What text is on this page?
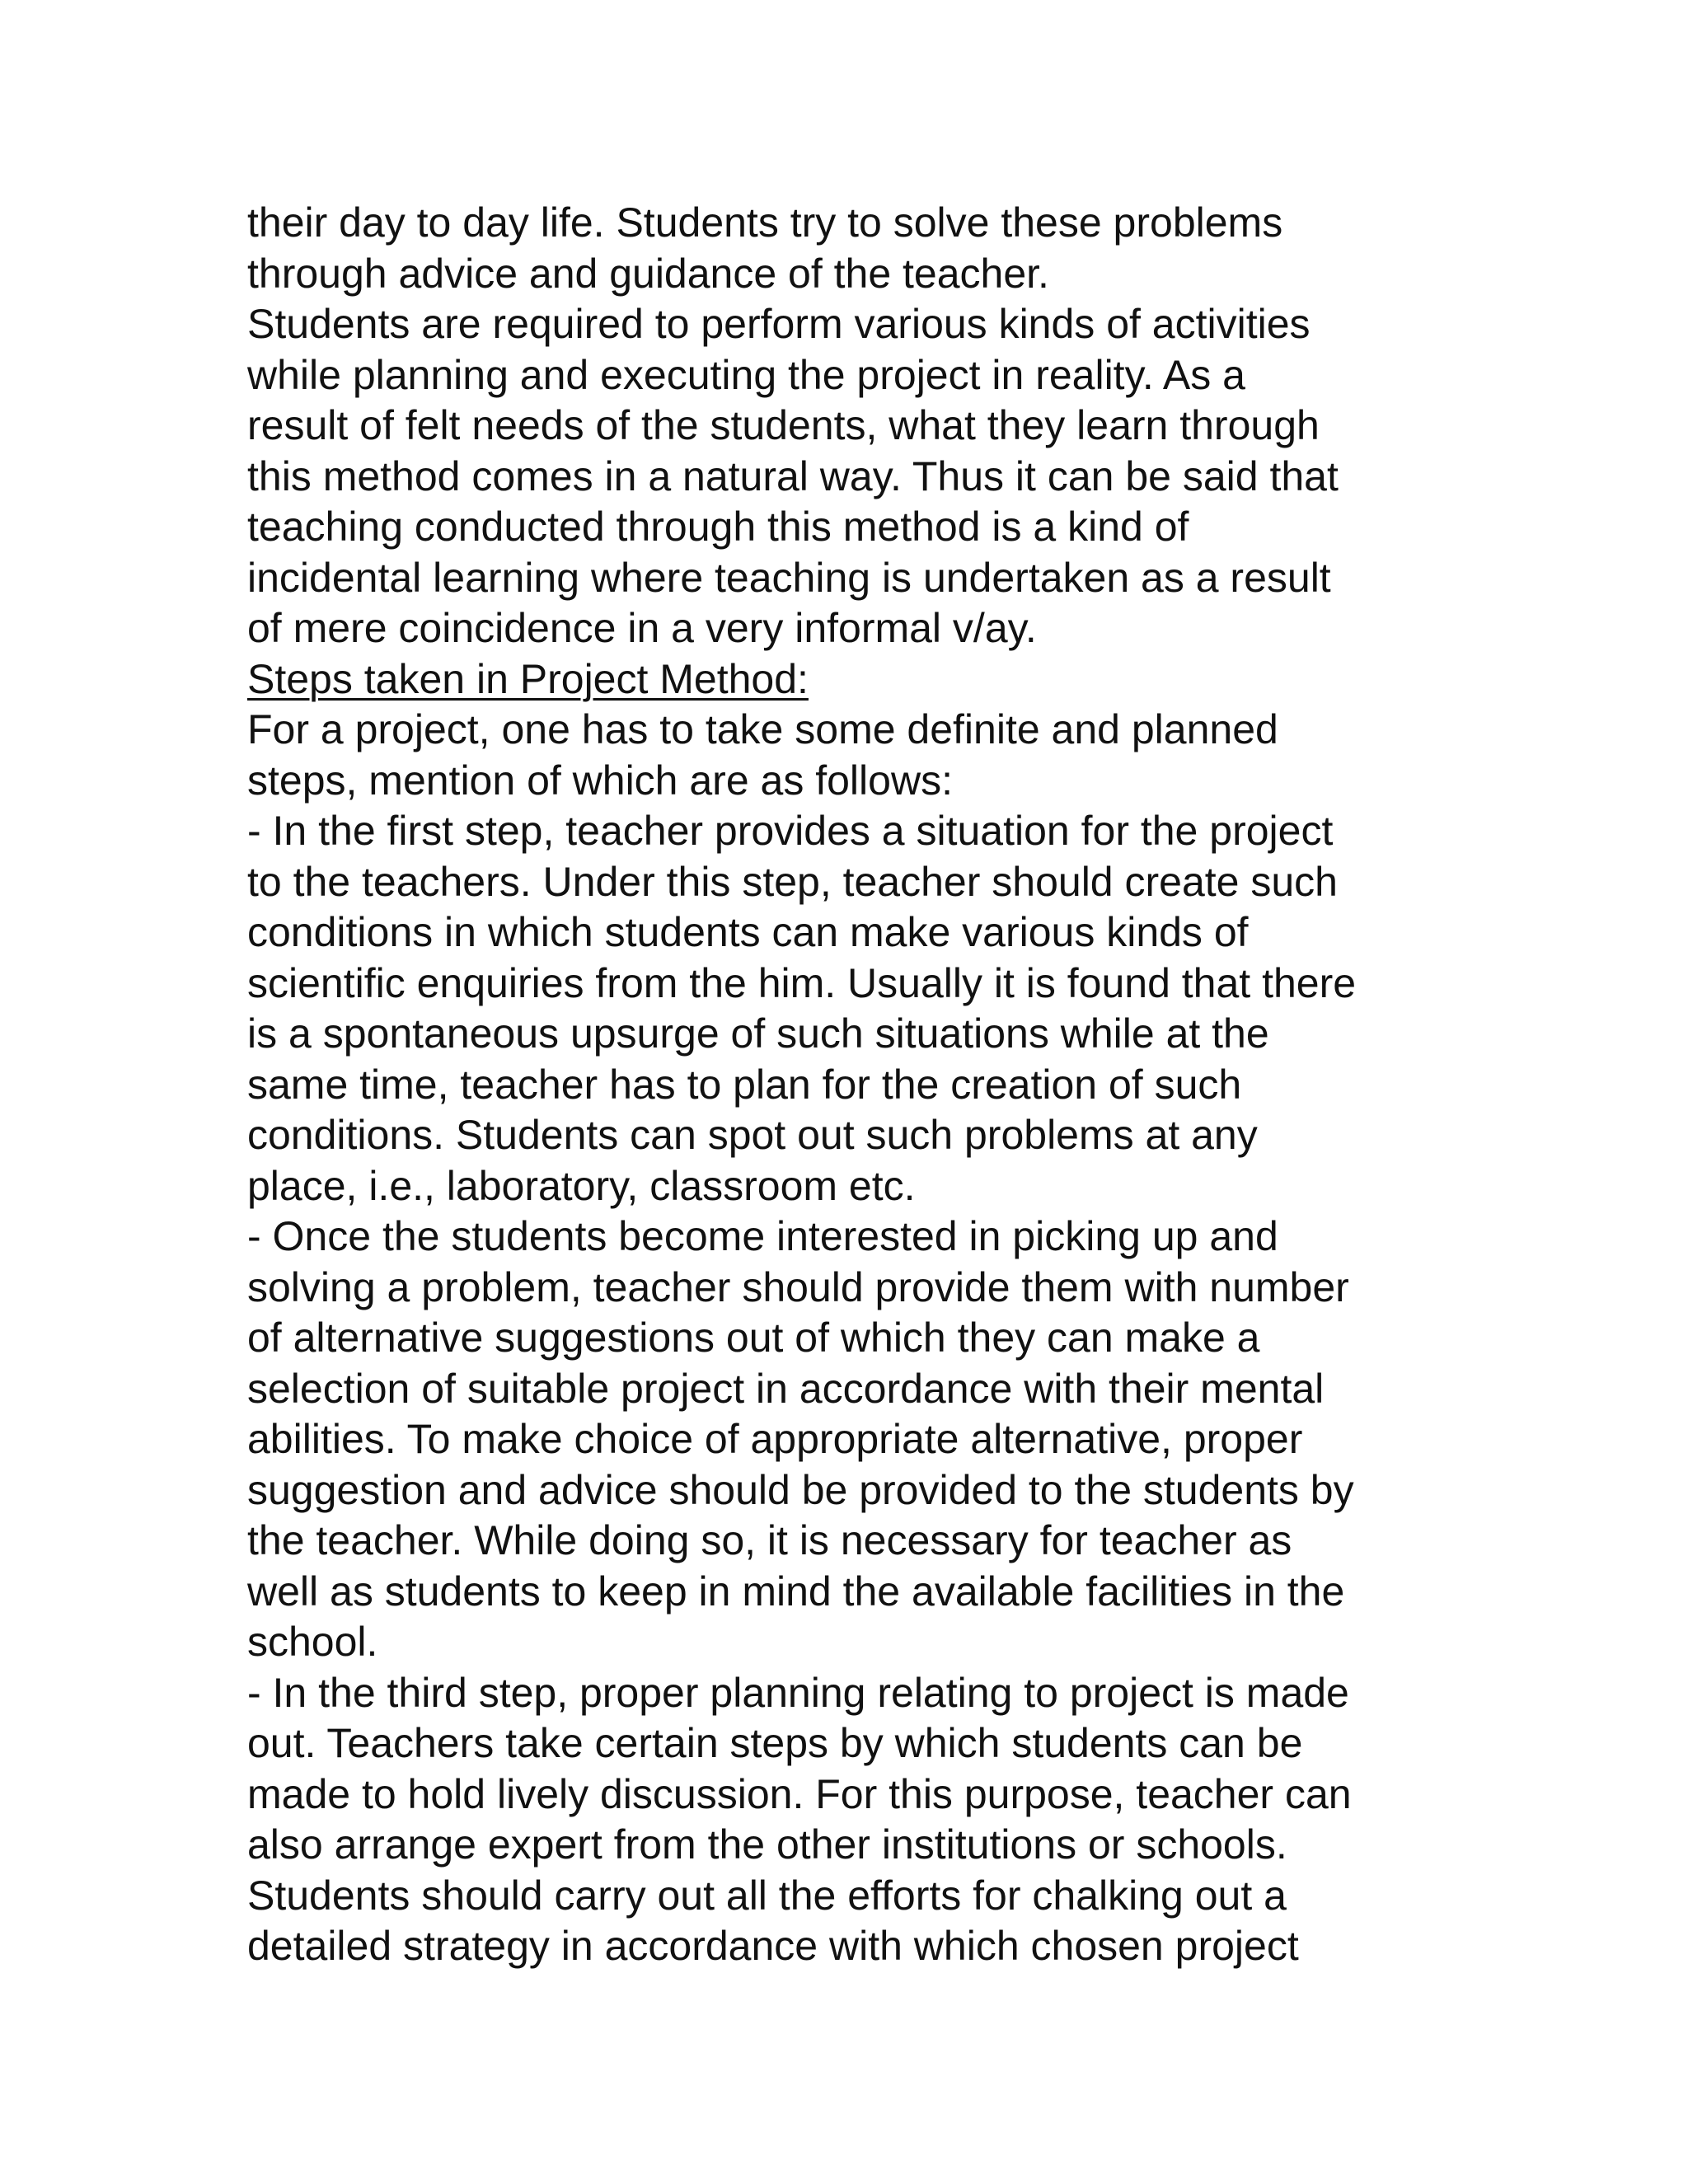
their day to day life. Students try to solve these problems
through advice and guidance of the teacher.
Students are required to perform various kinds of activities
while planning and executing the project in reality. As a
result of felt needs of the students, what they learn through
this method comes in a natural way. Thus it can be said that
teaching conducted through this method is a kind of
incidental learning where teaching is undertaken as a result
of mere coincidence in a very informal v/ay.
Steps taken in Project Method:
For a project, one has to take some definite and planned
steps, mention of which are as follows:
- In the first step, teacher provides a situation for the project
to the teachers. Under this step, teacher should create such
conditions in which students can make various kinds of
scientific enquiries from the him. Usually it is found that there
is a spontaneous upsurge of such situations while at the
same time, teacher has to plan for the creation of such
conditions. Students can spot out such problems at any
place, i.e., laboratory, classroom etc.
- Once the students become interested in picking up and
solving a problem, teacher should provide them with number
of alternative suggestions out of which they can make a
selection of suitable project in accordance with their mental
abilities. To make choice of appropriate alternative, proper
suggestion and advice should be provided to the students by
the teacher. While doing so, it is necessary for teacher as
well as students to keep in mind the available facilities in the
school.
- In the third step, proper planning relating to project is made
out. Teachers take certain steps by which students can be
made to hold lively discussion. For this purpose, teacher can
also arrange expert from the other institutions or schools.
Students should carry out all the efforts for chalking out a
detailed strategy in accordance with which chosen project
